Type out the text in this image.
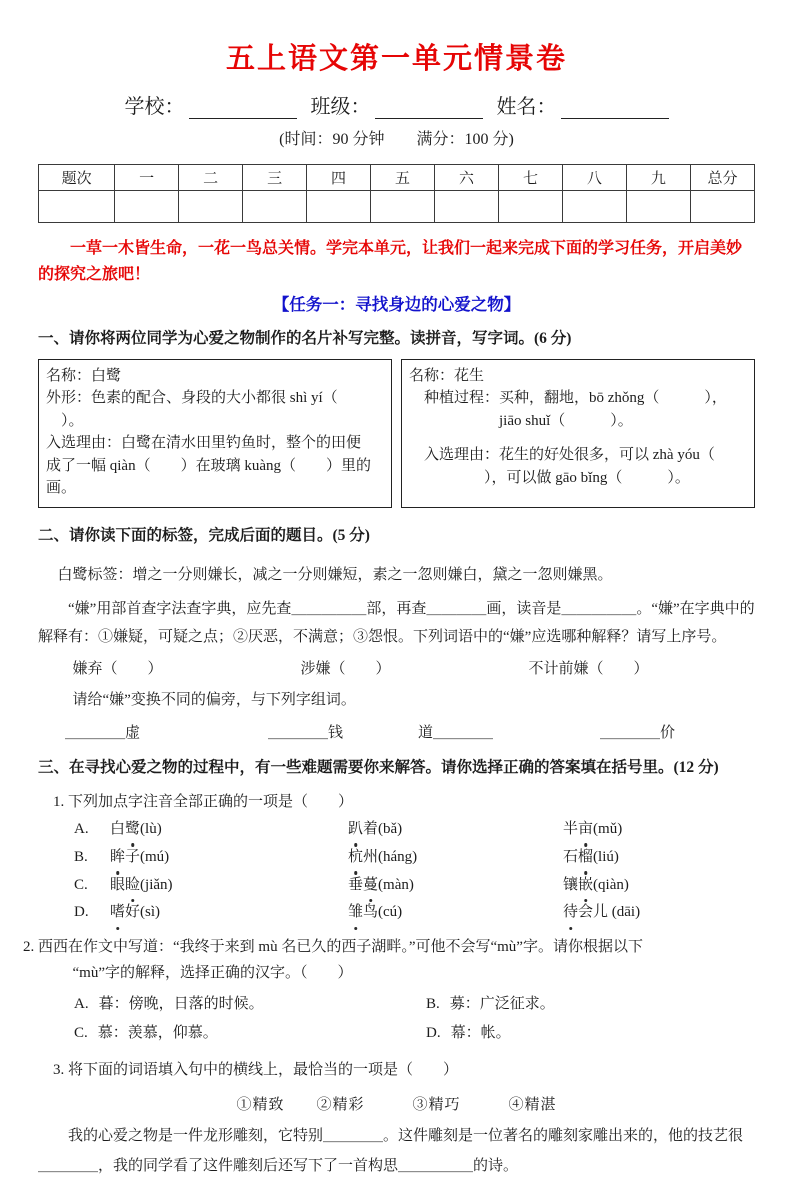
五上语文第一单元情景卷
学校：	班级：	姓名：
(时间：90 分钟　　满分：100 分)
题次	一	二	三	四	五	六	七	八	九	总分

一草一木皆生命，一花一鸟总关情。学完本单元，让我们一起来完成下面的学习任务，开启美妙的探究之旅吧！
【任务一：寻找身边的心爱之物】
一、请你将两位同学为心爱之物制作的名片补写完整。读拼音，写字词。(6 分)
名称：白鹭
外形：色素的配合、身段的大小都很 shì yí（
　）。
入选理由：白鹭在清水田里钓鱼时，整个的田便
成了一幅 qiàn（　　）在玻璃 kuàng（　　）里的画。
名称：花生
　种植过程：买种，翻地，bō zhǒng（　　　），
　　　　　　jiāo shuǐ（　　　）。
　入选理由：花生的好处很多，可以 zhà yóu（
　　　　　），可以做 gāo bǐng（　　　）。
二、请你读下面的标签，完成后面的题目。(5 分)
白鹭标签：增之一分则嫌长，减之一分则嫌短，素之一忽则嫌白，黛之一忽则嫌黑。
“嫌”用部首查字法查字典，应先查＿＿＿＿＿部，再查＿＿＿＿画，读音是＿＿＿＿＿。“嫌”在字典中的解释有：①嫌疑，可疑之点；②厌恶，不满意；③怨恨。下列词语中的“嫌”应选哪种解释？请写上序号。
嫌弃（　　）	涉嫌（　　）	不计前嫌（　　）
请给“嫌”变换不同的偏旁，与下列字组词。
＿＿＿＿虚	＿＿＿＿钱	道＿＿＿＿	＿＿＿＿价
三、在寻找心爱之物的过程中，有一些难题需要你来解答。请你选择正确的答案填在括号里。(12 分)
1. 下列加点字注音全部正确的一项是（　　）
A.	白鹭(lù)	趴着(bǎ)	半亩(mǔ)
B.	眸子(mú)	杭州(háng)	石榴(liú)
C.	眼睑(jiǎn)	垂蔓(màn)	镶嵌(qiàn)
D.	嗜好(sì)	雏鸟(cú)	待会儿 (dāi)
2. 西西在作文中写道：“我终于来到 mù 名已久的西子湖畔。”可他不会写“mù”字。请你根据以下
“mù”字的解释，选择正确的汉字。（　　）
A. 暮：傍晚，日落的时候。	B. 募：广泛征求。
C. 慕：羡慕，仰慕。	D. 幕：帐。
3. 将下面的词语填入句中的横线上，最恰当的一项是（　　）
①精致　　②精彩　　　③精巧　　　④精湛
我的心爱之物是一件龙形雕刻，它特别＿＿＿＿。这件雕刻是一位著名的雕刻家雕出来的，他的技艺很＿＿＿＿，我的同学看了这件雕刻后还写下了一首构思＿＿＿＿＿的诗。
